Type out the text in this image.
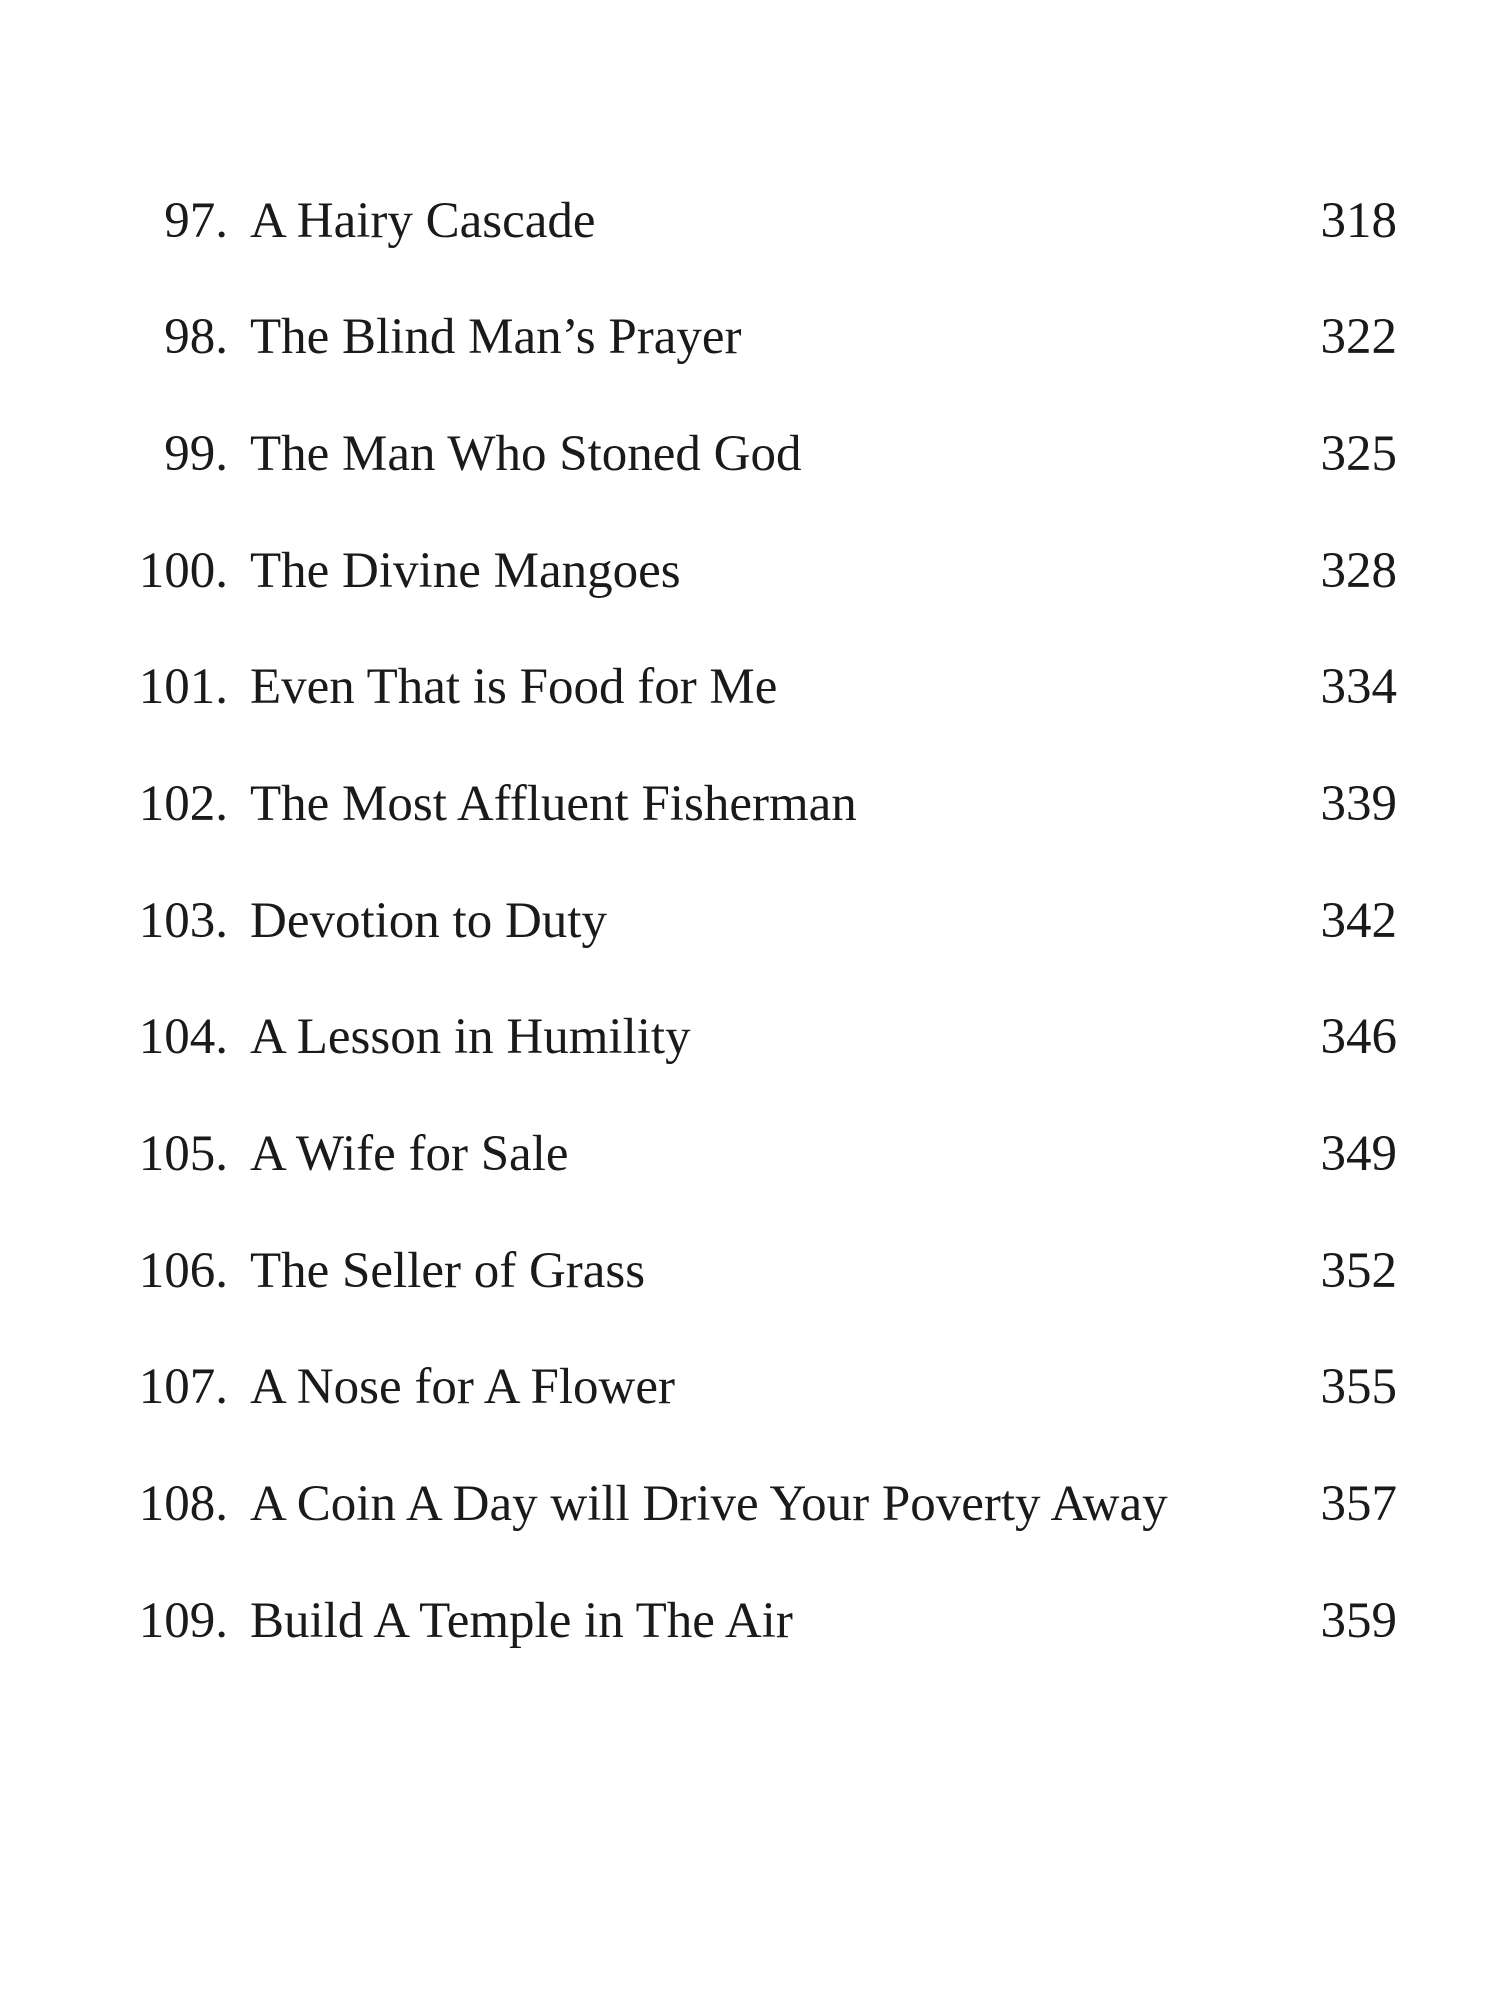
97. A Hairy Cascade	318
98. The Blind Man’s Prayer	322
99. The Man Who Stoned God	325
100. The Divine Mangoes	328
101. Even That is Food for Me	334
102. The Most Affluent Fisherman	339
103. Devotion to Duty	342
104. A Lesson in Humility	346
105. A Wife for Sale	349
106. The Seller of Grass	352
107. A Nose for A Flower	355
108. A Coin A Day will Drive Your Poverty Away	357
109. Build A Temple in The Air	359
